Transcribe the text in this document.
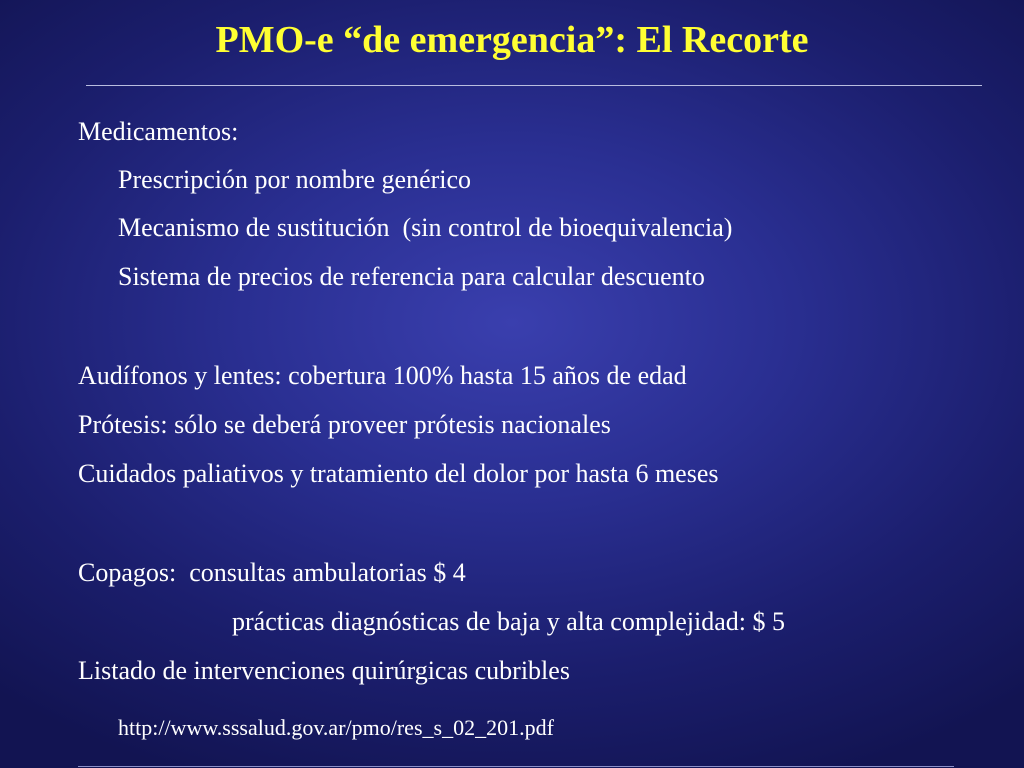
PMO-e “de emergencia”: El Recorte
Medicamentos:
Prescripción por nombre genérico
Mecanismo de sustitución  (sin control de bioequivalencia)
Sistema de precios de referencia para calcular descuento
Audífonos y lentes: cobertura 100% hasta 15 años de edad
Prótesis: sólo se deberá proveer prótesis nacionales
Cuidados paliativos y tratamiento del dolor por hasta 6 meses
Copagos:  consultas ambulatorias $ 4
prácticas diagnósticas de baja y alta complejidad: $ 5
Listado de intervenciones quirúrgicas cubribles
http://www.sssalud.gov.ar/pmo/res_s_02_201.pdf
